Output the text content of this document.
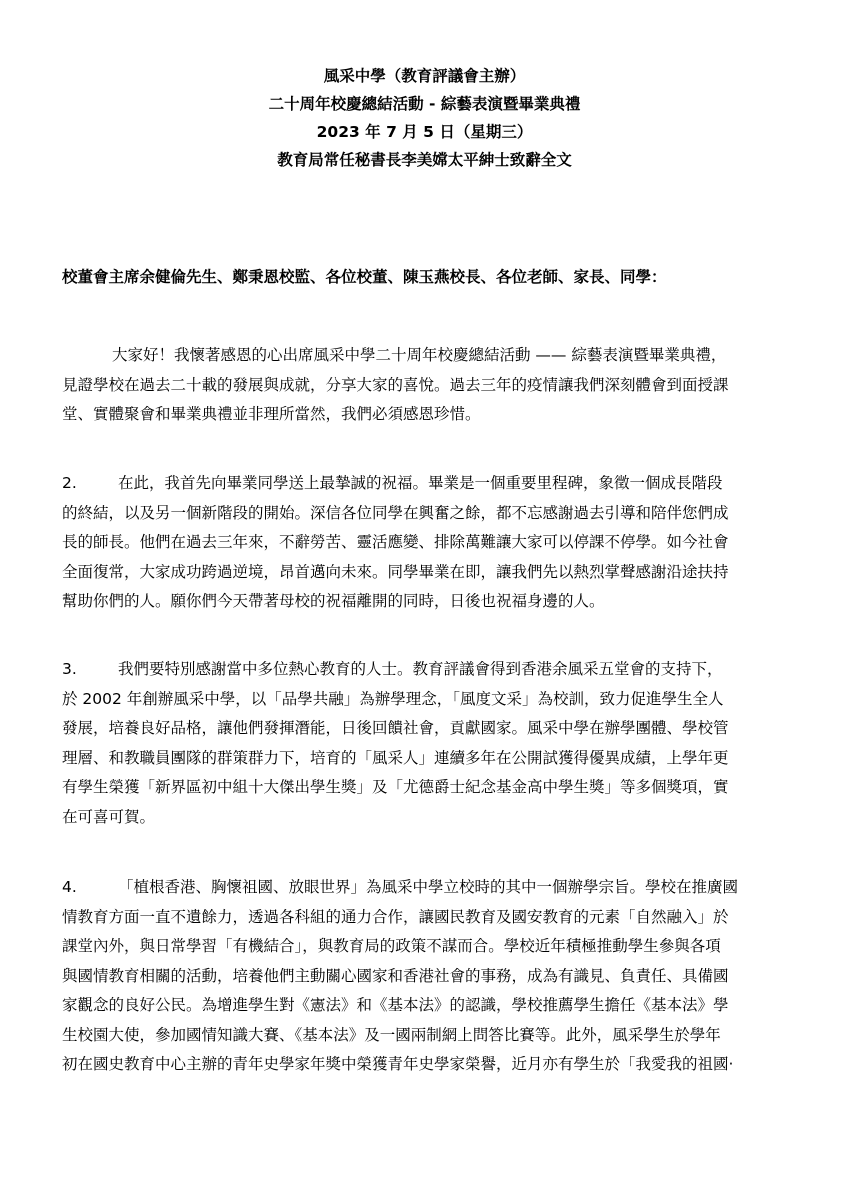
風采中學（教育評議會主辦）
二十周年校慶總結活動 - 綜藝表演暨畢業典禮
2023 年 7 月 5 日（星期三）
教育局常任秘書長李美嫦太平紳士致辭全文
校董會主席余健倫先生、鄭秉恩校監、各位校董、陳玉燕校長、各位老師、家長、同學：
大家好！我懷著感恩的心出席風采中學二十周年校慶總結活動 —— 綜藝表演暨畢業典禮，
見證學校在過去二十載的發展與成就，分享大家的喜悅。過去三年的疫情讓我們深刻體會到面授課
堂、實體聚會和畢業典禮並非理所當然，我們必須感恩珍惜。
2.	在此，我首先向畢業同學送上最摯誠的祝福。畢業是一個重要里程碑，象徵一個成長階段
的終結，以及另一個新階段的開始。深信各位同學在興奮之餘，都不忘感謝過去引導和陪伴您們成
長的師長。他們在過去三年來，不辭勞苦、靈活應變、排除萬難讓大家可以停課不停學。如今社會
全面復常，大家成功跨過逆境，昂首邁向未來。同學畢業在即，讓我們先以熱烈掌聲感謝沿途扶持
幫助你們的人。願你們今天帶著母校的祝福離開的同時，日後也祝福身邊的人。
3.	我們要特別感謝當中多位熱心教育的人士。教育評議會得到香港余風采五堂會的支持下，
於 2002 年創辦風采中學，以「品學共融」為辦學理念，「風度文采」為校訓，致力促進學生全人
發展，培養良好品格，讓他們發揮潛能，日後回饋社會，貢獻國家。風采中學在辦學團體、學校管
理層、和教職員團隊的群策群力下，培育的「風采人」連續多年在公開試獲得優異成績，上學年更
有學生榮獲「新界區初中組十大傑出學生獎」及「尤德爵士紀念基金高中學生獎」等多個獎項，實
在可喜可賀。
4.	「植根香港、胸懷祖國、放眼世界」為風采中學立校時的其中一個辦學宗旨。學校在推廣國
情教育方面一直不遺餘力，透過各科組的通力合作，讓國民教育及國安教育的元素「自然融入」於
課堂內外，與日常學習「有機結合」，與教育局的政策不謀而合。學校近年積極推動學生參與各項
與國情教育相關的活動，培養他們主動關心國家和香港社會的事務，成為有識見、負責任、具備國
家觀念的良好公民。為增進學生對《憲法》和《基本法》的認識，學校推薦學生擔任《基本法》學
生校園大使，參加國情知識大賽、《基本法》及一國兩制網上問答比賽等。此外，風采學生於學年
初在國史教育中心主辦的青年史學家年獎中榮獲青年史學家榮譽，近月亦有學生於「我愛我的祖國·
